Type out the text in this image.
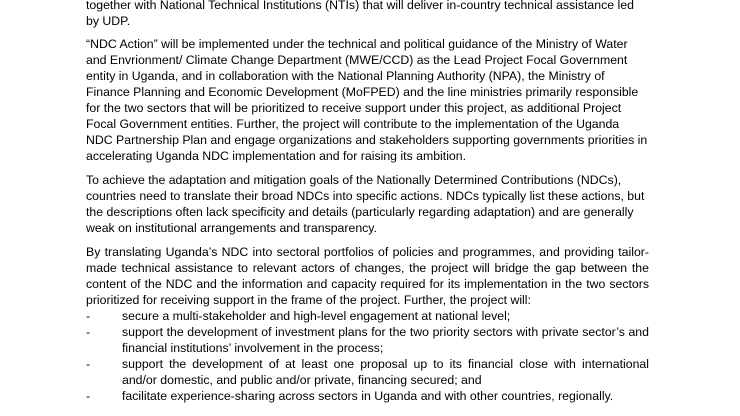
together with National Technical Institutions (NTIs) that will deliver in-country technical assistance led by UDP.

“NDC Action” will be implemented under the technical and political guidance of the Ministry of Water and Envrionment/ Climate Change Department (MWE/CCD) as the Lead Project Focal Government entity in Uganda, and in collaboration with the National Planning Authority (NPA), the Ministry of Finance Planning and Economic Development (MoFPED) and the line ministries primarily responsible for the two sectors that will be prioritized to receive support under this project, as additional Project Focal Government entities. Further, the project will contribute to the implementation of the Uganda NDC Partnership Plan and engage organizations and stakeholders supporting governments priorities in accelerating Uganda NDC implementation and for raising its ambition.

To achieve the adaptation and mitigation goals of the Nationally Determined Contributions (NDCs), countries need to translate their broad NDCs into specific actions. NDCs typically list these actions, but the descriptions often lack specificity and details (particularly regarding adaptation) and are generally weak on institutional arrangements and transparency.

By translating Uganda’s NDC into sectoral portfolios of policies and programmes, and providing tailor-made technical assistance to relevant actors of changes, the project will bridge the gap between the content of the NDC and the information and capacity required for its implementation in the two sectors prioritized for receiving support in the frame of the project. Further, the project will:

-	secure a multi-stakeholder and high-level engagement at national level;
-	support the development of investment plans for the two priority sectors with private sector’s and financial institutions’ involvement in the process;
-	support the development of at least one proposal up to its financial close with international and/or domestic, and public and/or private, financing secured; and
-	facilitate experience-sharing across sectors in Uganda and with other countries, regionally.
